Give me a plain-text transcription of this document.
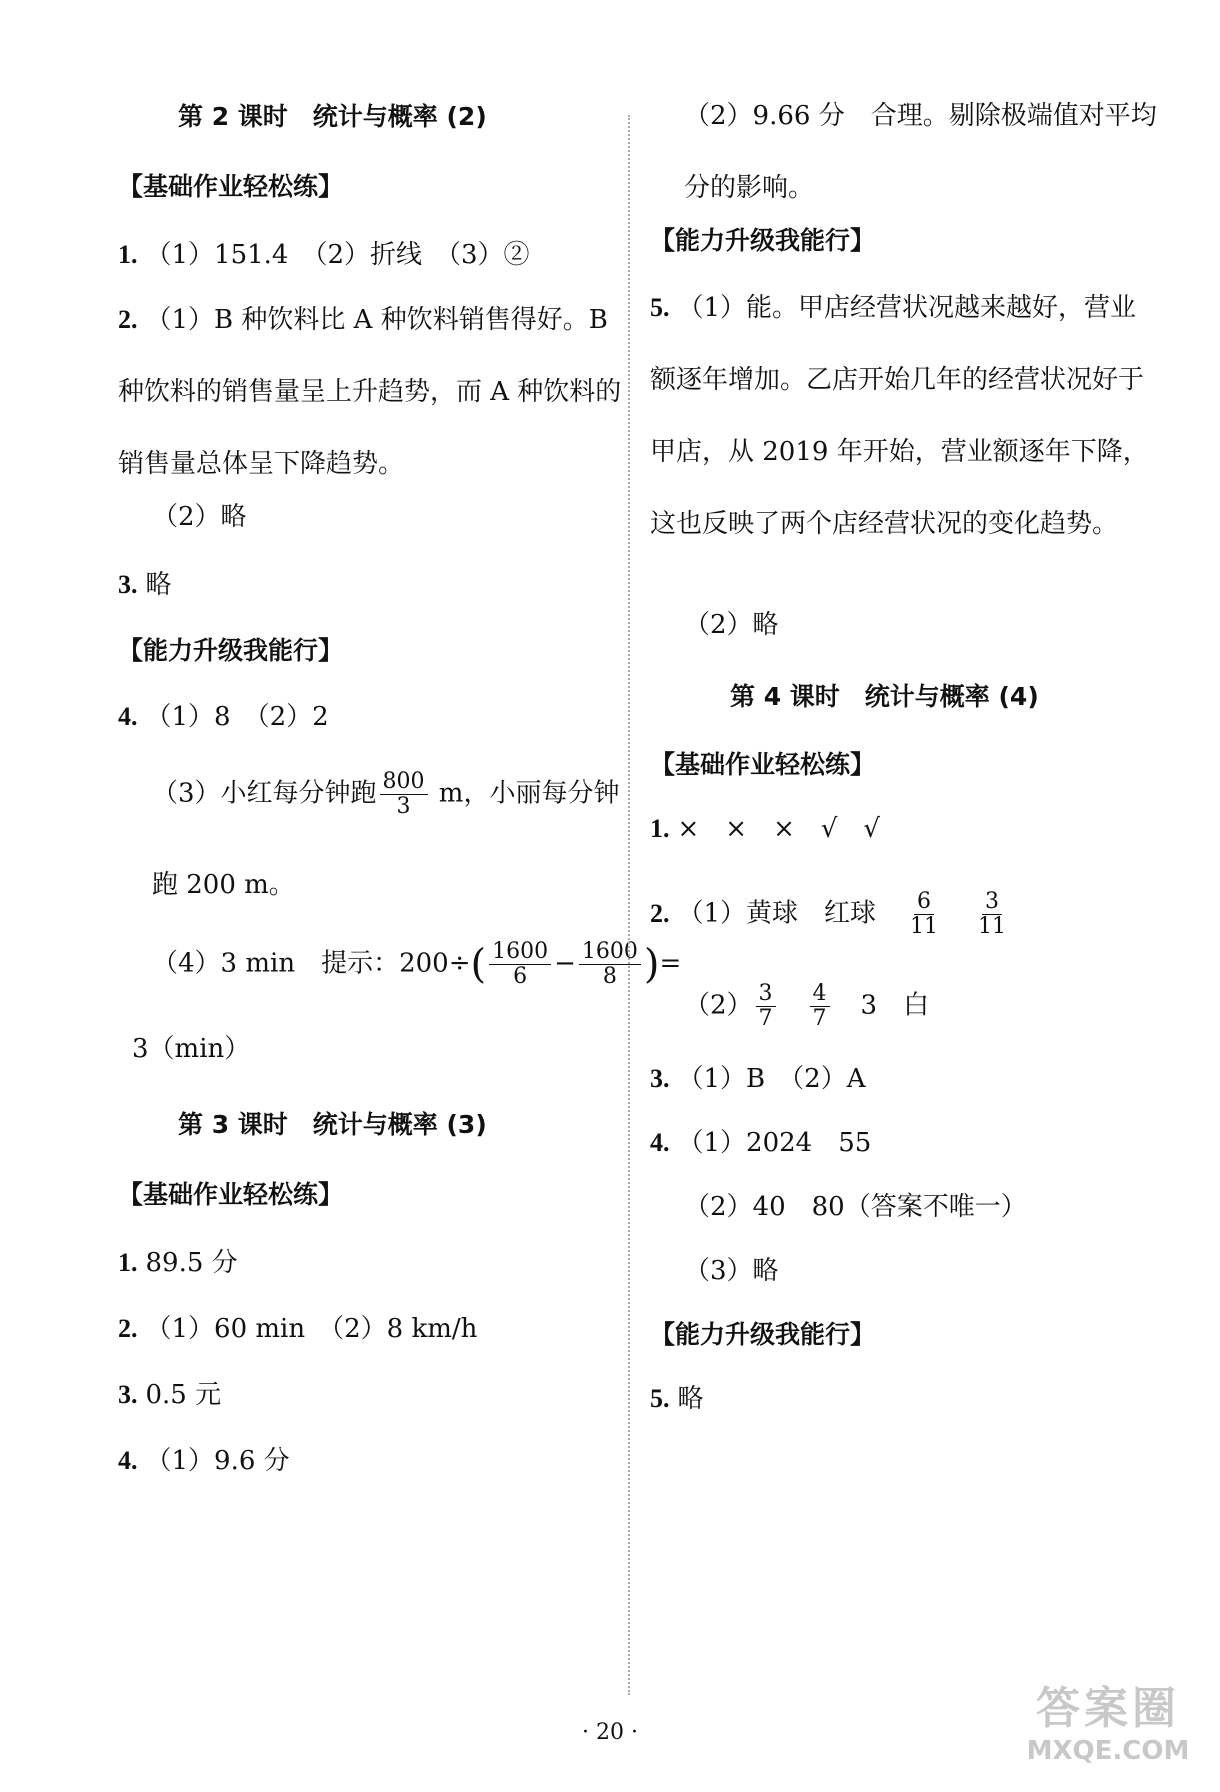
第 2 课时　统计与概率 (2)
【基础作业轻松练】
1. （1）151.4　（2）折线　（3）②
2. （1）B 种饮料比 A 种饮料销售得好。B 种饮料的销售量呈上升趋势，而 A 种饮料的销售量总体呈下降趋势。
（2）略
3. 略
【能力升级我能行】
4. （1）8　（2）2
（3）小红每分钟跑 $\frac{800}{3}$ m，小丽每分钟
跑 200 m。
（4）3 min　提示：$200\div( \frac{1600}{6} - \frac{1600}{8}$ )=
3（min）
第 3 课时　统计与概率 (3)
【基础作业轻松练】
1. 89.5 分
2. （1）60 min　（2）8 km/h
3. 0.5 元
4. （1）9.6 分
（2）9.66 分　合理。剔除极端值对平均分的影响。
【能力升级我能行】
5. （1）能。甲店经营状况越来越好，营业额逐年增加。乙店开始几年的经营状况好于甲店，从 2019 年开始，营业额逐年下降，这也反映了两个店经营状况的变化趋势。
（2）略
第 4 课时　统计与概率 (4)
【基础作业轻松练】
1. ×　×　×　√　√
2. （1）黄球　红球 $\frac{6}{11} \frac{3}{11}$
$(2) \frac{3}{7} \frac{4}{7} 3$　白
3. （1）B　（2）A
4. （1）2024　55
（2）40　80（答案不唯一）
（3）略
【能力升级我能行】
5. 略
· 20 ·	答案圈
MXQE.COM
